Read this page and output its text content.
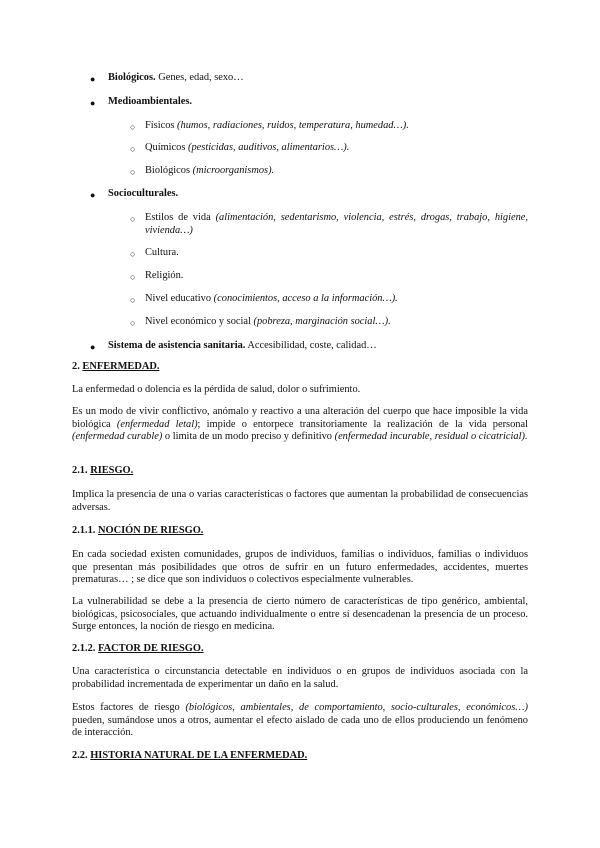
● Biológicos. Genes, edad, sexo…
● Medioambientales.
○ Físicos (humos, radiaciones, ruidos, temperatura, humedad…).
○ Químicos (pesticidas, auditivos, alimentarios…).
○ Biológicos (microorganismos).
● Socioculturales.
○ Estilos de vida (alimentación, sedentarismo, violencia, estrés, drogas, trabajo, higiene, vivienda…)
○ Cultura.
○ Religión.
○ Nivel educativo (conocimientos, acceso a la información…).
○ Nivel económico y social (pobreza, marginación social…).
● Sistema de asistencia sanitaria. Accesibilidad, coste, calidad…
2. ENFERMEDAD.
La enfermedad o dolencia es la pérdida de salud, dolor o sufrimiento.
Es un modo de vivir conflictivo, anómalo y reactivo a una alteración del cuerpo que hace imposible la vida biológica (enfermedad letal); impide o entorpece transitoriamente la realización de la vida personal (enfermedad curable) o limita de un modo preciso y definitivo (enfermedad incurable, residual o cicatricial).
2.1. RIESGO.
Implica la presencia de una o varias características o factores que aumentan la probabilidad de consecuencias adversas.
2.1.1. NOCIÓN DE RIESGO.
En cada sociedad existen comunidades, grupos de individuos, familias o individuos, familias o individuos que presentan más posibilidades que otros de sufrir en un futuro enfermedades, accidentes, muertes prematuras… ; se dice que son individuos o colectivos especialmente vulnerables.
La vulnerabilidad se debe a la presencia de cierto número de características de tipo genérico, ambiental, biológicas, psicosociales, que actuando individualmente o entre sí desencadenan la presencia de un proceso. Surge entonces, la noción de riesgo en medicina.
2.1.2. FACTOR DE RIESGO.
Una característica o circunstancia detectable en individuos o en grupos de individuos asociada con la probabilidad incrementada de experimentar un daño en la salud.
Estos factores de riesgo (biológicos, ambientales, de comportamiento, socio-culturales, económicos…) pueden, sumándose unos a otros, aumentar el efecto aislado de cada uno de ellos produciendo un fenómeno de interacción.
2.2. HISTORIA NATURAL DE LA ENFERMEDAD.
